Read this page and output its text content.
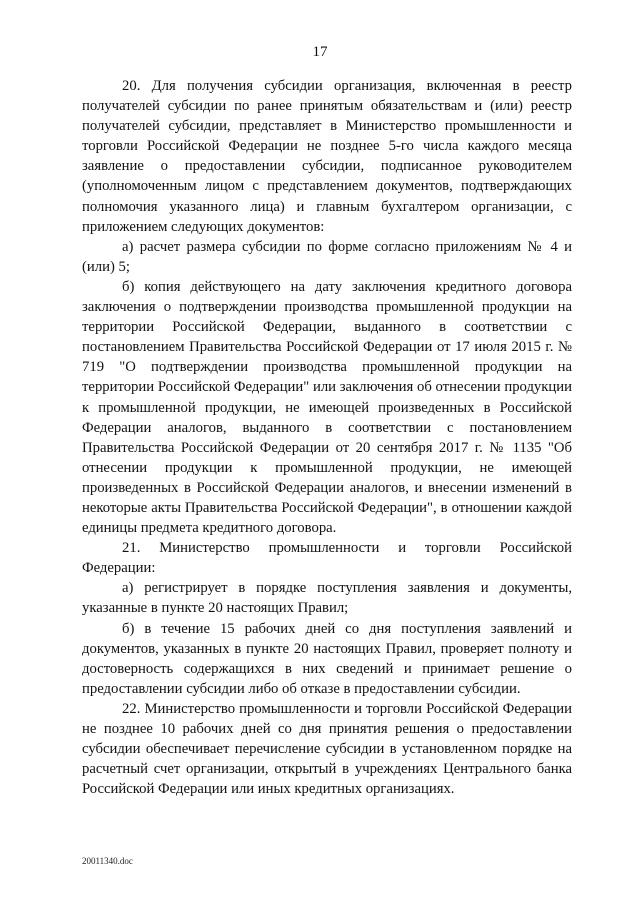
17

20. Для получения субсидии организация, включенная в реестр получателей субсидии по ранее принятым обязательствам и (или) реестр получателей субсидии, представляет в Министерство промышленности и торговли Российской Федерации не позднее 5-го числа каждого месяца заявление о предоставлении субсидии, подписанное руководителем (уполномоченным лицом с представлением документов, подтверждающих полномочия указанного лица) и главным бухгалтером организации, с приложением следующих документов:

а) расчет размера субсидии по форме согласно приложениям № 4 и (или) 5;

б) копия действующего на дату заключения кредитного договора заключения о подтверждении производства промышленной продукции на территории Российской Федерации, выданного в соответствии с постановлением Правительства Российской Федерации от 17 июля 2015 г. № 719 "О подтверждении производства промышленной продукции на территории Российской Федерации" или заключения об отнесении продукции к промышленной продукции, не имеющей произведенных в Российской Федерации аналогов, выданного в соответствии с постановлением Правительства Российской Федерации от 20 сентября 2017 г. № 1135 "Об отнесении продукции к промышленной продукции, не имеющей произведенных в Российской Федерации аналогов, и внесении изменений в некоторые акты Правительства Российской Федерации", в отношении каждой единицы предмета кредитного договора.

21. Министерство промышленности и торговли Российской Федерации:

а) регистрирует в порядке поступления заявления и документы, указанные в пункте 20 настоящих Правил;

б) в течение 15 рабочих дней со дня поступления заявлений и документов, указанных в пункте 20 настоящих Правил, проверяет полноту и достоверность содержащихся в них сведений и принимает решение о предоставлении субсидии либо об отказе в предоставлении субсидии.

22. Министерство промышленности и торговли Российской Федерации не позднее 10 рабочих дней со дня принятия решения о предоставлении субсидии обеспечивает перечисление субсидии в установленном порядке на расчетный счет организации, открытый в учреждениях Центрального банка Российской Федерации или иных кредитных организациях.

20011340.doc
